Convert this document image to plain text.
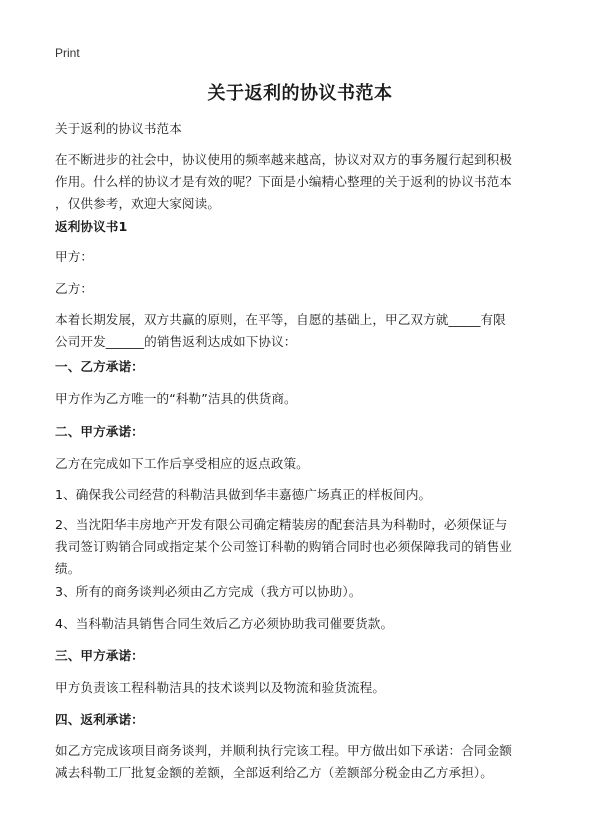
Print
关于返利的协议书范本

关于返利的协议书范本

在不断进步的社会中，协议使用的频率越来越高，协议对双方的事务履行起到积极
作用。什么样的协议才是有效的呢？下面是小编精心整理的关于返利的协议书范本
，仅供参考，欢迎大家阅读。

返利协议书1

甲方：

乙方：

本着长期发展，双方共赢的原则，在平等，自愿的基础上，甲乙双方就_____有限
公司开发______的销售返利达成如下协议：

一、乙方承诺：

甲方作为乙方唯一的“科勒”洁具的供货商。

二、甲方承诺：

乙方在完成如下工作后享受相应的返点政策。

1、确保我公司经营的科勒洁具做到华丰嘉德广场真正的样板间内。

2、当沈阳华丰房地产开发有限公司确定精装房的配套洁具为科勒时，必须保证与
我司签订购销合同或指定某个公司签订科勒的购销合同时也必须保障我司的销售业
绩。

3、所有的商务谈判必须由乙方完成（我方可以协助）。

4、当科勒洁具销售合同生效后乙方必须协助我司催要货款。

三、甲方承诺：

甲方负责该工程科勒洁具的技术谈判以及物流和验货流程。

四、返利承诺：

如乙方完成该项目商务谈判，并顺利执行完该工程。甲方做出如下承诺：合同金额
减去科勒工厂批复金额的差额，全部返利给乙方（差额部分税金由乙方承担）。
